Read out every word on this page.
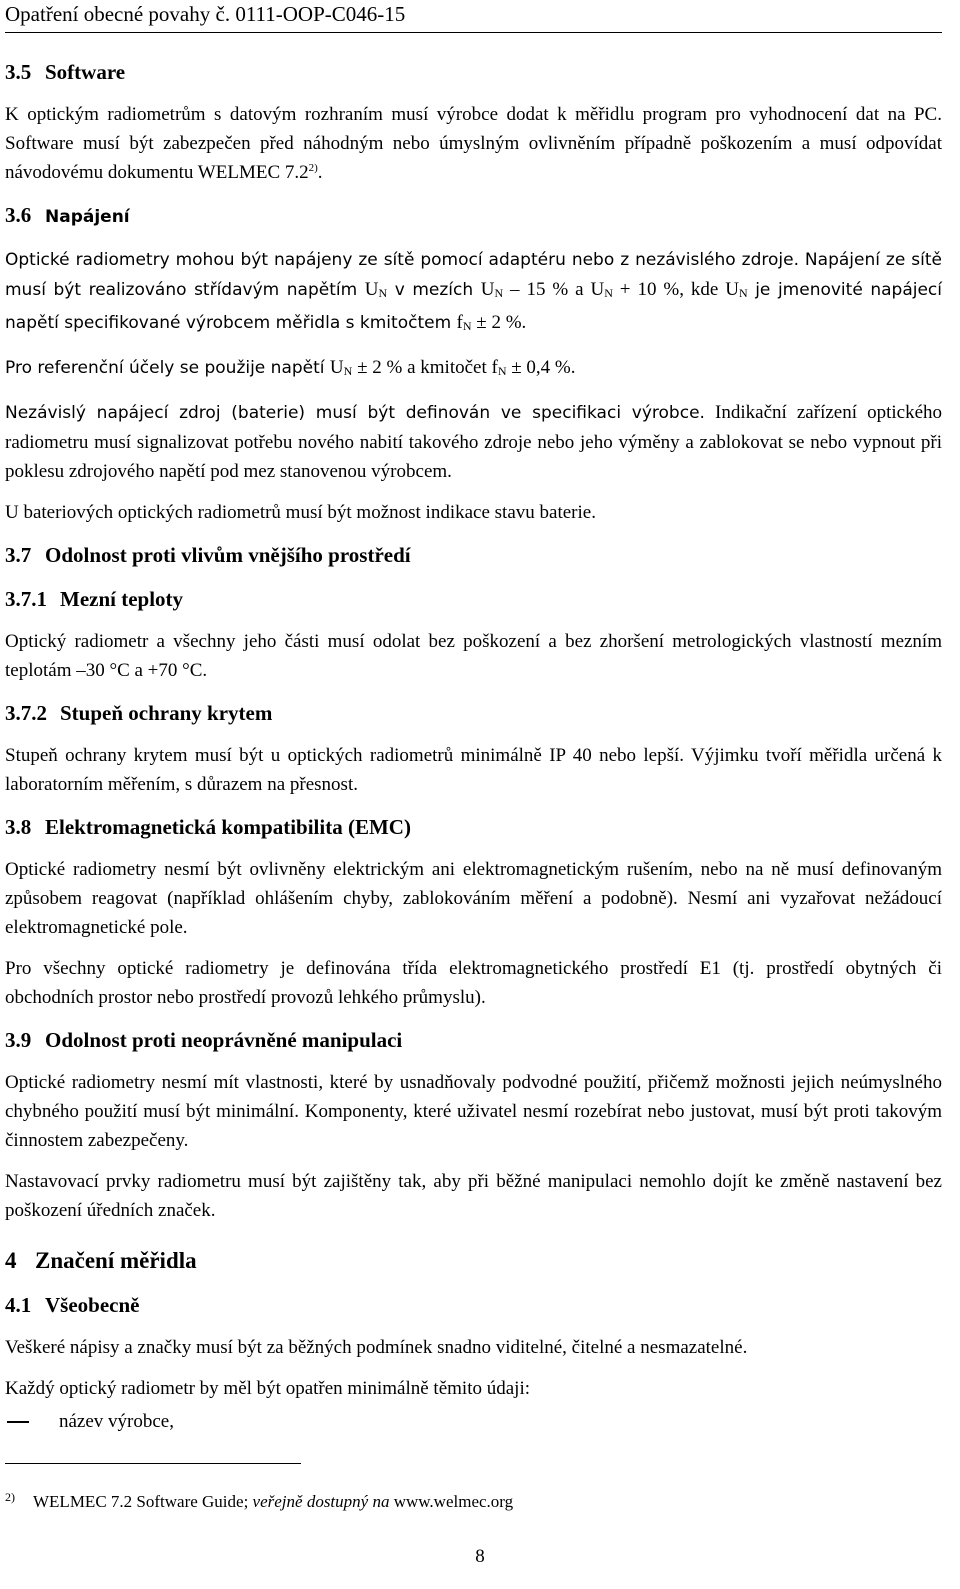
Opatření obecné povahy č. 0111-OOP-C046-15
3.5 Software

K optickým radiometrům s datovým rozhraním musí výrobce dodat k měřidlu program pro vyhodnocení dat na PC. Software musí být zabezpečen před náhodným nebo úmyslným ovlivněním případně poškozením a musí odpovídat návodovému dokumentu WELMEC 7.2$^{2)}$.

3.6 Napájení

Optické radiometry mohou být napájeny ze sítě pomocí adaptéru nebo z nezávislého zdroje. Napájení ze sítě musí být realizováno střídavým napětím $U_N$ v mezích $U_N - 15$ % a $U_N + 10$ %, kde $U_N$ je jmenovité napájecí napětí specifikované výrobcem měřidla s kmitočtem $f_N \pm 2$ %.

Pro referenční účely se použije napětí $U_N \pm 2$ % a kmitočet $f_N \pm 0,4$ %.

Nezávislý napájecí zdroj (baterie) musí být definován ve specifikaci výrobce. Indikační zařízení optického radiometru musí signalizovat potřebu nového nabití takového zdroje nebo jeho výměny a zablokovat se nebo vypnout při poklesu zdrojového napětí pod mez stanovenou výrobcem.

U bateriových optických radiometrů musí být možnost indikace stavu baterie.

3.7 Odolnost proti vlivům vnějšího prostředí
3.7.1 Mezní teploty

Optický radiometr a všechny jeho části musí odolat bez poškození a bez zhoršení metrologických vlastností mezním teplotám –30 °C a +70 °C.

3.7.2 Stupeň ochrany krytem

Stupeň ochrany krytem musí být u optických radiometrů minimálně IP 40 nebo lepší. Výjimku tvoří měřidla určená k laboratorním měřením, s důrazem na přesnost.

3.8 Elektromagnetická kompatibilita (EMC)

Optické radiometry nesmí být ovlivněny elektrickým ani elektromagnetickým rušením, nebo na ně musí definovaným způsobem reagovat (například ohlášením chyby, zablokováním měření a podobně). Nesmí ani vyzařovat nežádoucí elektromagnetické pole.

Pro všechny optické radiometry je definována třída elektromagnetického prostředí E1 (tj. prostředí obytných či obchodních prostor nebo prostředí provozů lehkého průmyslu).

3.9 Odolnost proti neoprávněné manipulaci

Optické radiometry nesmí mít vlastnosti, které by usnadňovaly podvodné použití, přičemž možnosti jejich neúmyslného chybného použití musí být minimální. Komponenty, které uživatel nesmí rozebírat nebo justovat, musí být proti takovým činnostem zabezpečeny.

Nastavovací prvky radiometru musí být zajištěny tak, aby při běžné manipulaci nemohlo dojít ke změně nastavení bez poškození úředních značek.

4 Značení měřidla
4.1 Všeobecně

Veškeré nápisy a značky musí být za běžných podmínek snadno viditelné, čitelné a nesmazatelné.

Každý optický radiometr by měl být opatřen minimálně těmito údaji:

název výrobce,
2) WELMEC 7.2 Software Guide; veřejně dostupný na www.welmec.org
8
